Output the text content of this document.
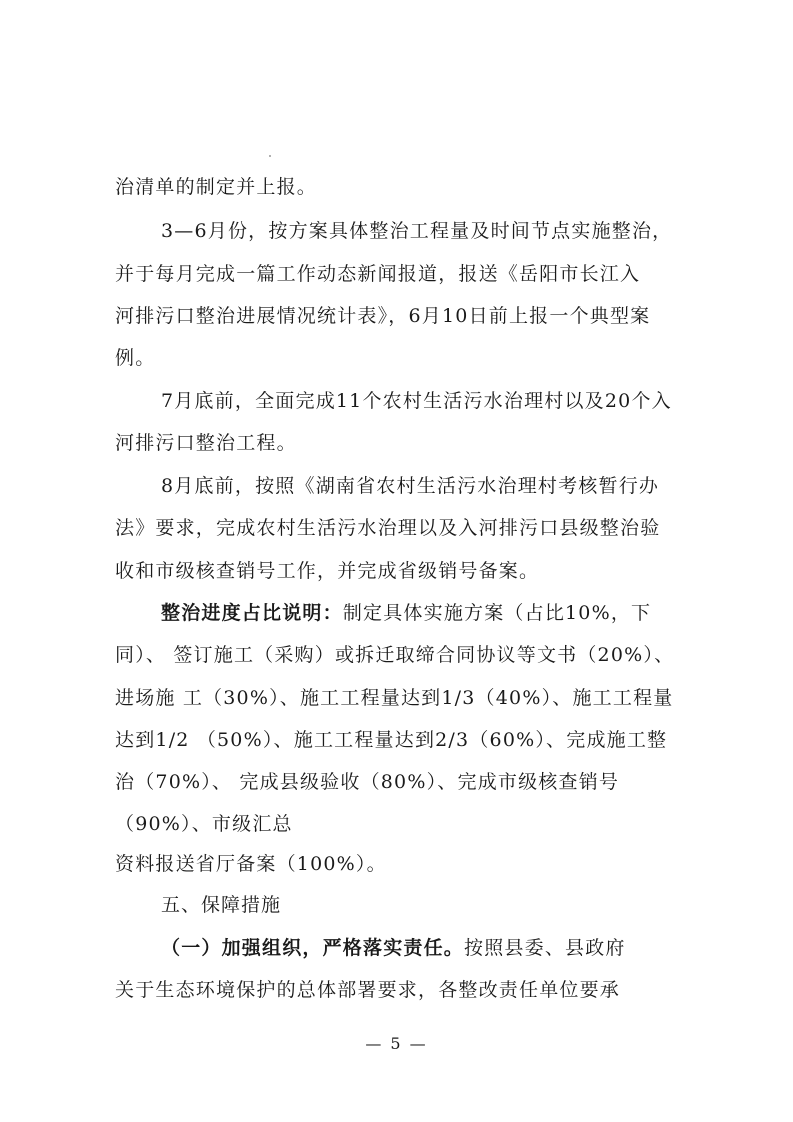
治清单的制定并上报。
3—6月份，按方案具体整治工程量及时间节点实施整治，
并于每月完成一篇工作动态新闻报道，报送《岳阳市长江入
河排污口整治进展情况统计表》，6月10日前上报一个典型案
例。
7月底前，全面完成11个农村生活污水治理村以及20个入
河排污口整治工程。
8月底前，按照《湖南省农村生活污水治理村考核暂行办
法》要求，完成农村生活污水治理以及入河排污口县级整治验
收和市级核查销号工作，并完成省级销号备案。
整治进度占比说明：制定具体实施方案（占比10%，下
同）、 签订施工（采购）或拆迁取缔合同协议等文书（20%）、
进场施 工（30%）、施工工程量达到1/3（40%）、施工工程量
达到1/2 （50%）、施工工程量达到2/3（60%）、完成施工整
治（70%）、 完成县级验收（80%）、完成市级核查销号
（90%）、市级汇总
资料报送省厅备案（100%）。
五、保障措施
（一）加强组织，严格落实责任。按照县委、县政府
关于生态环境保护的总体部署要求，各整改责任单位要承
— 5 —
